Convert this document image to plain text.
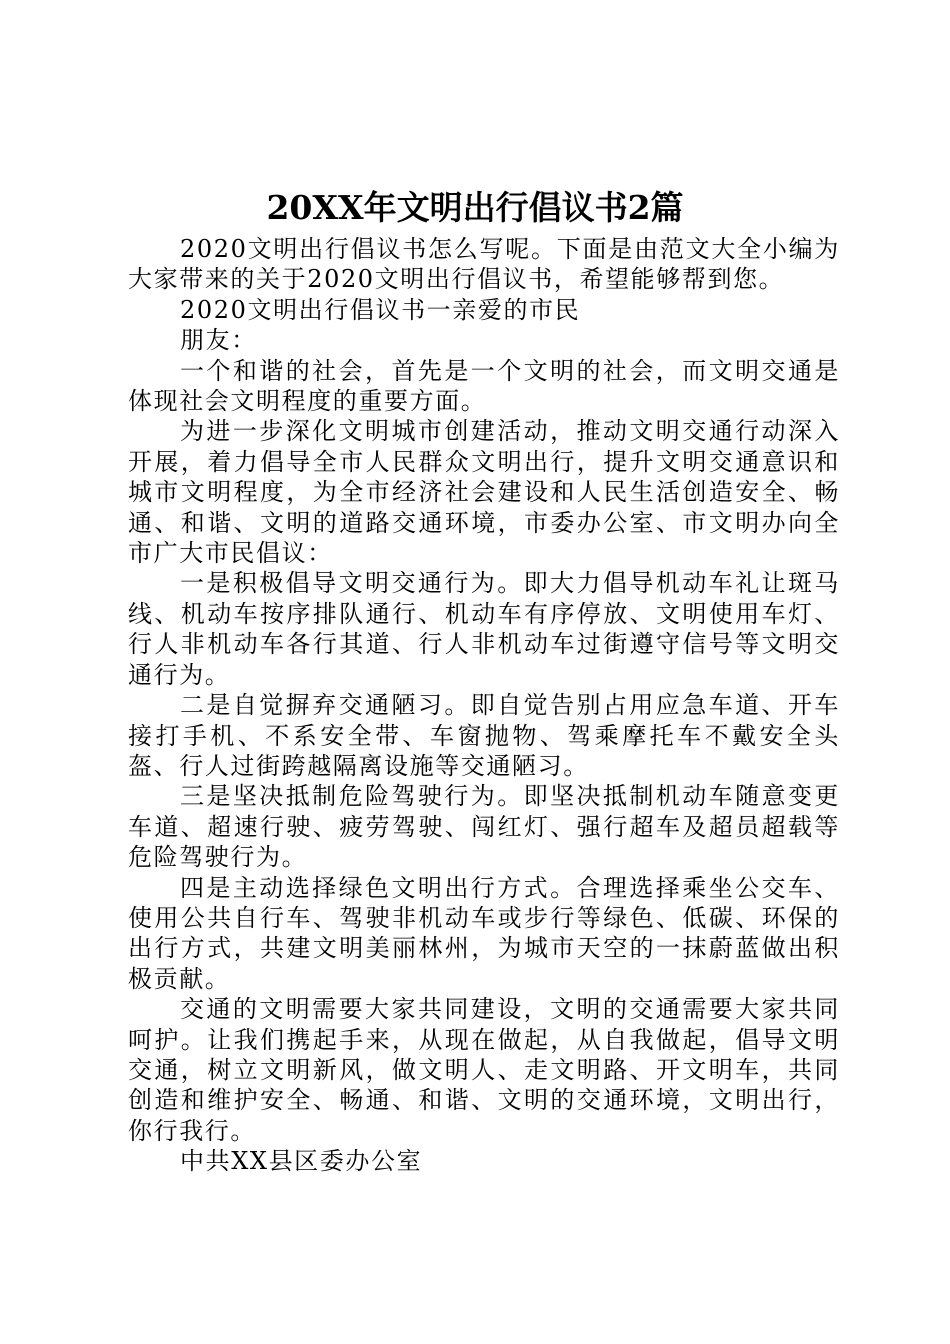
20XX年文明出行倡议书2篇

2020文明出行倡议书怎么写呢。下面是由范文大全小编为大家带来的关于2020文明出行倡议书，希望能够帮到您。

2020文明出行倡议书一亲爱的市民

朋友：

一个和谐的社会，首先是一个文明的社会，而文明交通是体现社会文明程度的重要方面。

为进一步深化文明城市创建活动，推动文明交通行动深入开展，着力倡导全市人民群众文明出行，提升文明交通意识和城市文明程度，为全市经济社会建设和人民生活创造安全、畅通、和谐、文明的道路交通环境，市委办公室、市文明办向全市广大市民倡议：

一是积极倡导文明交通行为。即大力倡导机动车礼让斑马线、机动车按序排队通行、机动车有序停放、文明使用车灯、行人非机动车各行其道、行人非机动车过街遵守信号等文明交通行为。

二是自觉摒弃交通陋习。即自觉告别占用应急车道、开车接打手机、不系安全带、车窗抛物、驾乘摩托车不戴安全头盔、行人过街跨越隔离设施等交通陋习。

三是坚决抵制危险驾驶行为。即坚决抵制机动车随意变更车道、超速行驶、疲劳驾驶、闯红灯、强行超车及超员超载等危险驾驶行为。

四是主动选择绿色文明出行方式。合理选择乘坐公交车、使用公共自行车、驾驶非机动车或步行等绿色、低碳、环保的出行方式，共建文明美丽林州，为城市天空的一抹蔚蓝做出积极贡献。

交通的文明需要大家共同建设，文明的交通需要大家共同呵护。让我们携起手来，从现在做起，从自我做起，倡导文明交通，树立文明新风，做文明人、走文明路、开文明车，共同创造和维护安全、畅通、和谐、文明的交通环境，文明出行，你行我行。

中共XX县区委办公室
